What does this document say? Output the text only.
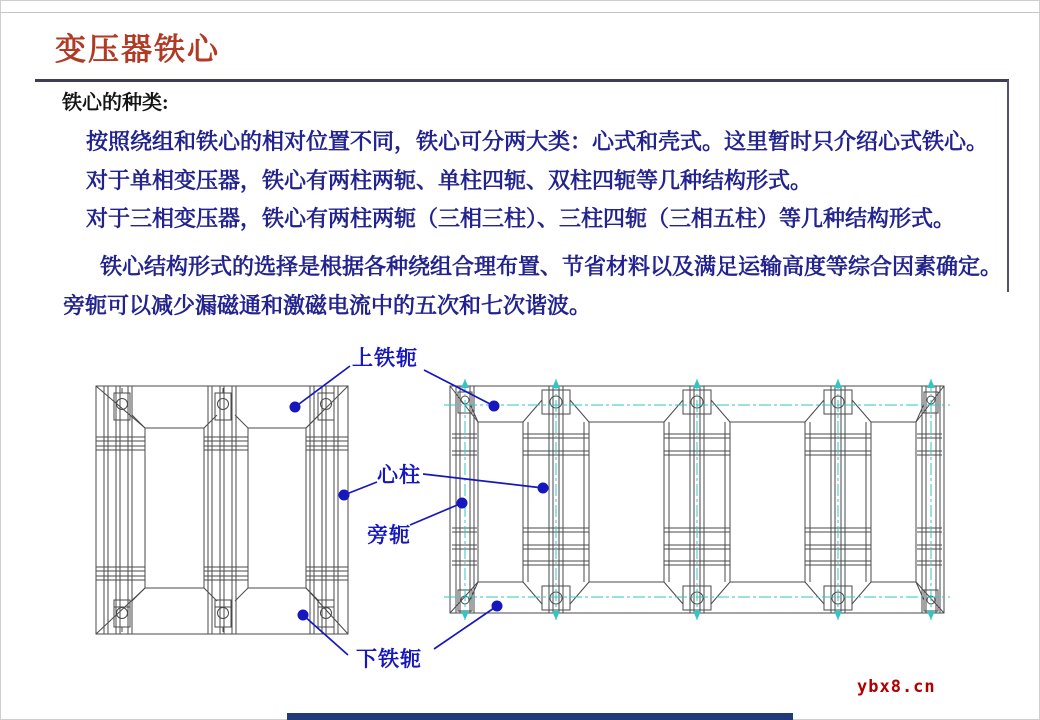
变压器铁心
铁心的种类:
按照绕组和铁心的相对位置不同，铁心可分两大类：心式和壳式。这里暂时只介绍心式铁心。
对于单相变压器，铁心有两柱两轭、单柱四轭、双柱四轭等几种结构形式。
对于三相变压器，铁心有两柱两轭（三相三柱）、三柱四轭（三相五柱）等几种结构形式。
铁心结构形式的选择是根据各种绕组合理布置、节省材料以及满足运输高度等综合因素确定。
旁轭可以减少漏磁通和激磁电流中的五次和七次谐波。
上铁轭
心柱
旁轭
下铁轭
ybx8.cn
